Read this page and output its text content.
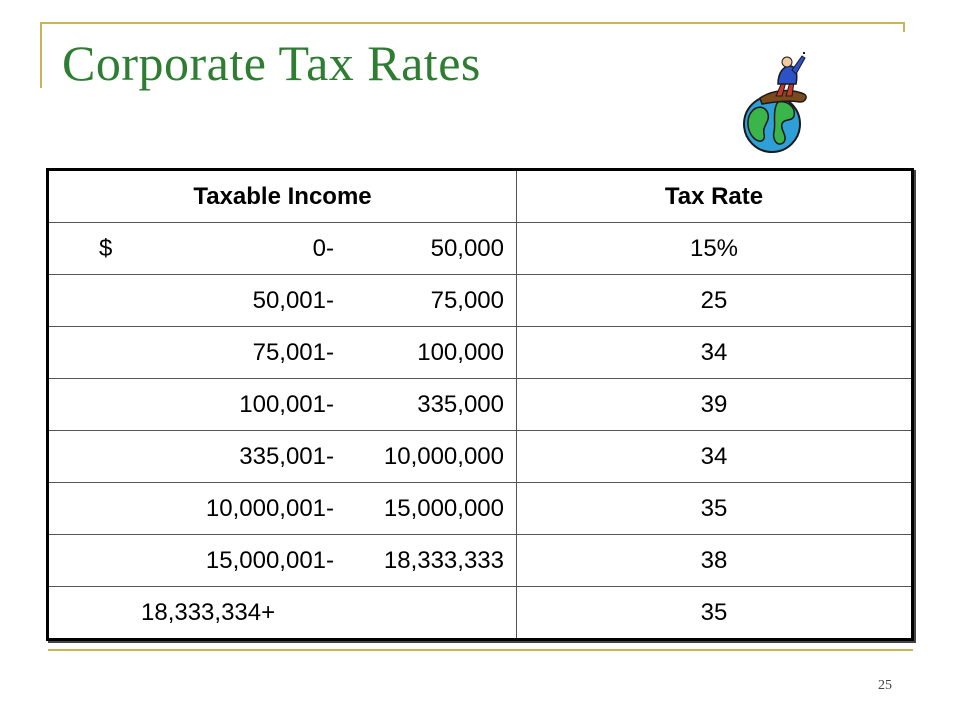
Corporate Tax Rates
Taxable Income	Tax Rate

$ 0- 50,000	15%

50,001- 75,000	25

75,001- 100,000	34

100,001- 335,000	39

335,001- 10,000,000	34

10,000,001- 15,000,000	35

15,000,001- 18,333,333	38

18,333,334+	35
25
